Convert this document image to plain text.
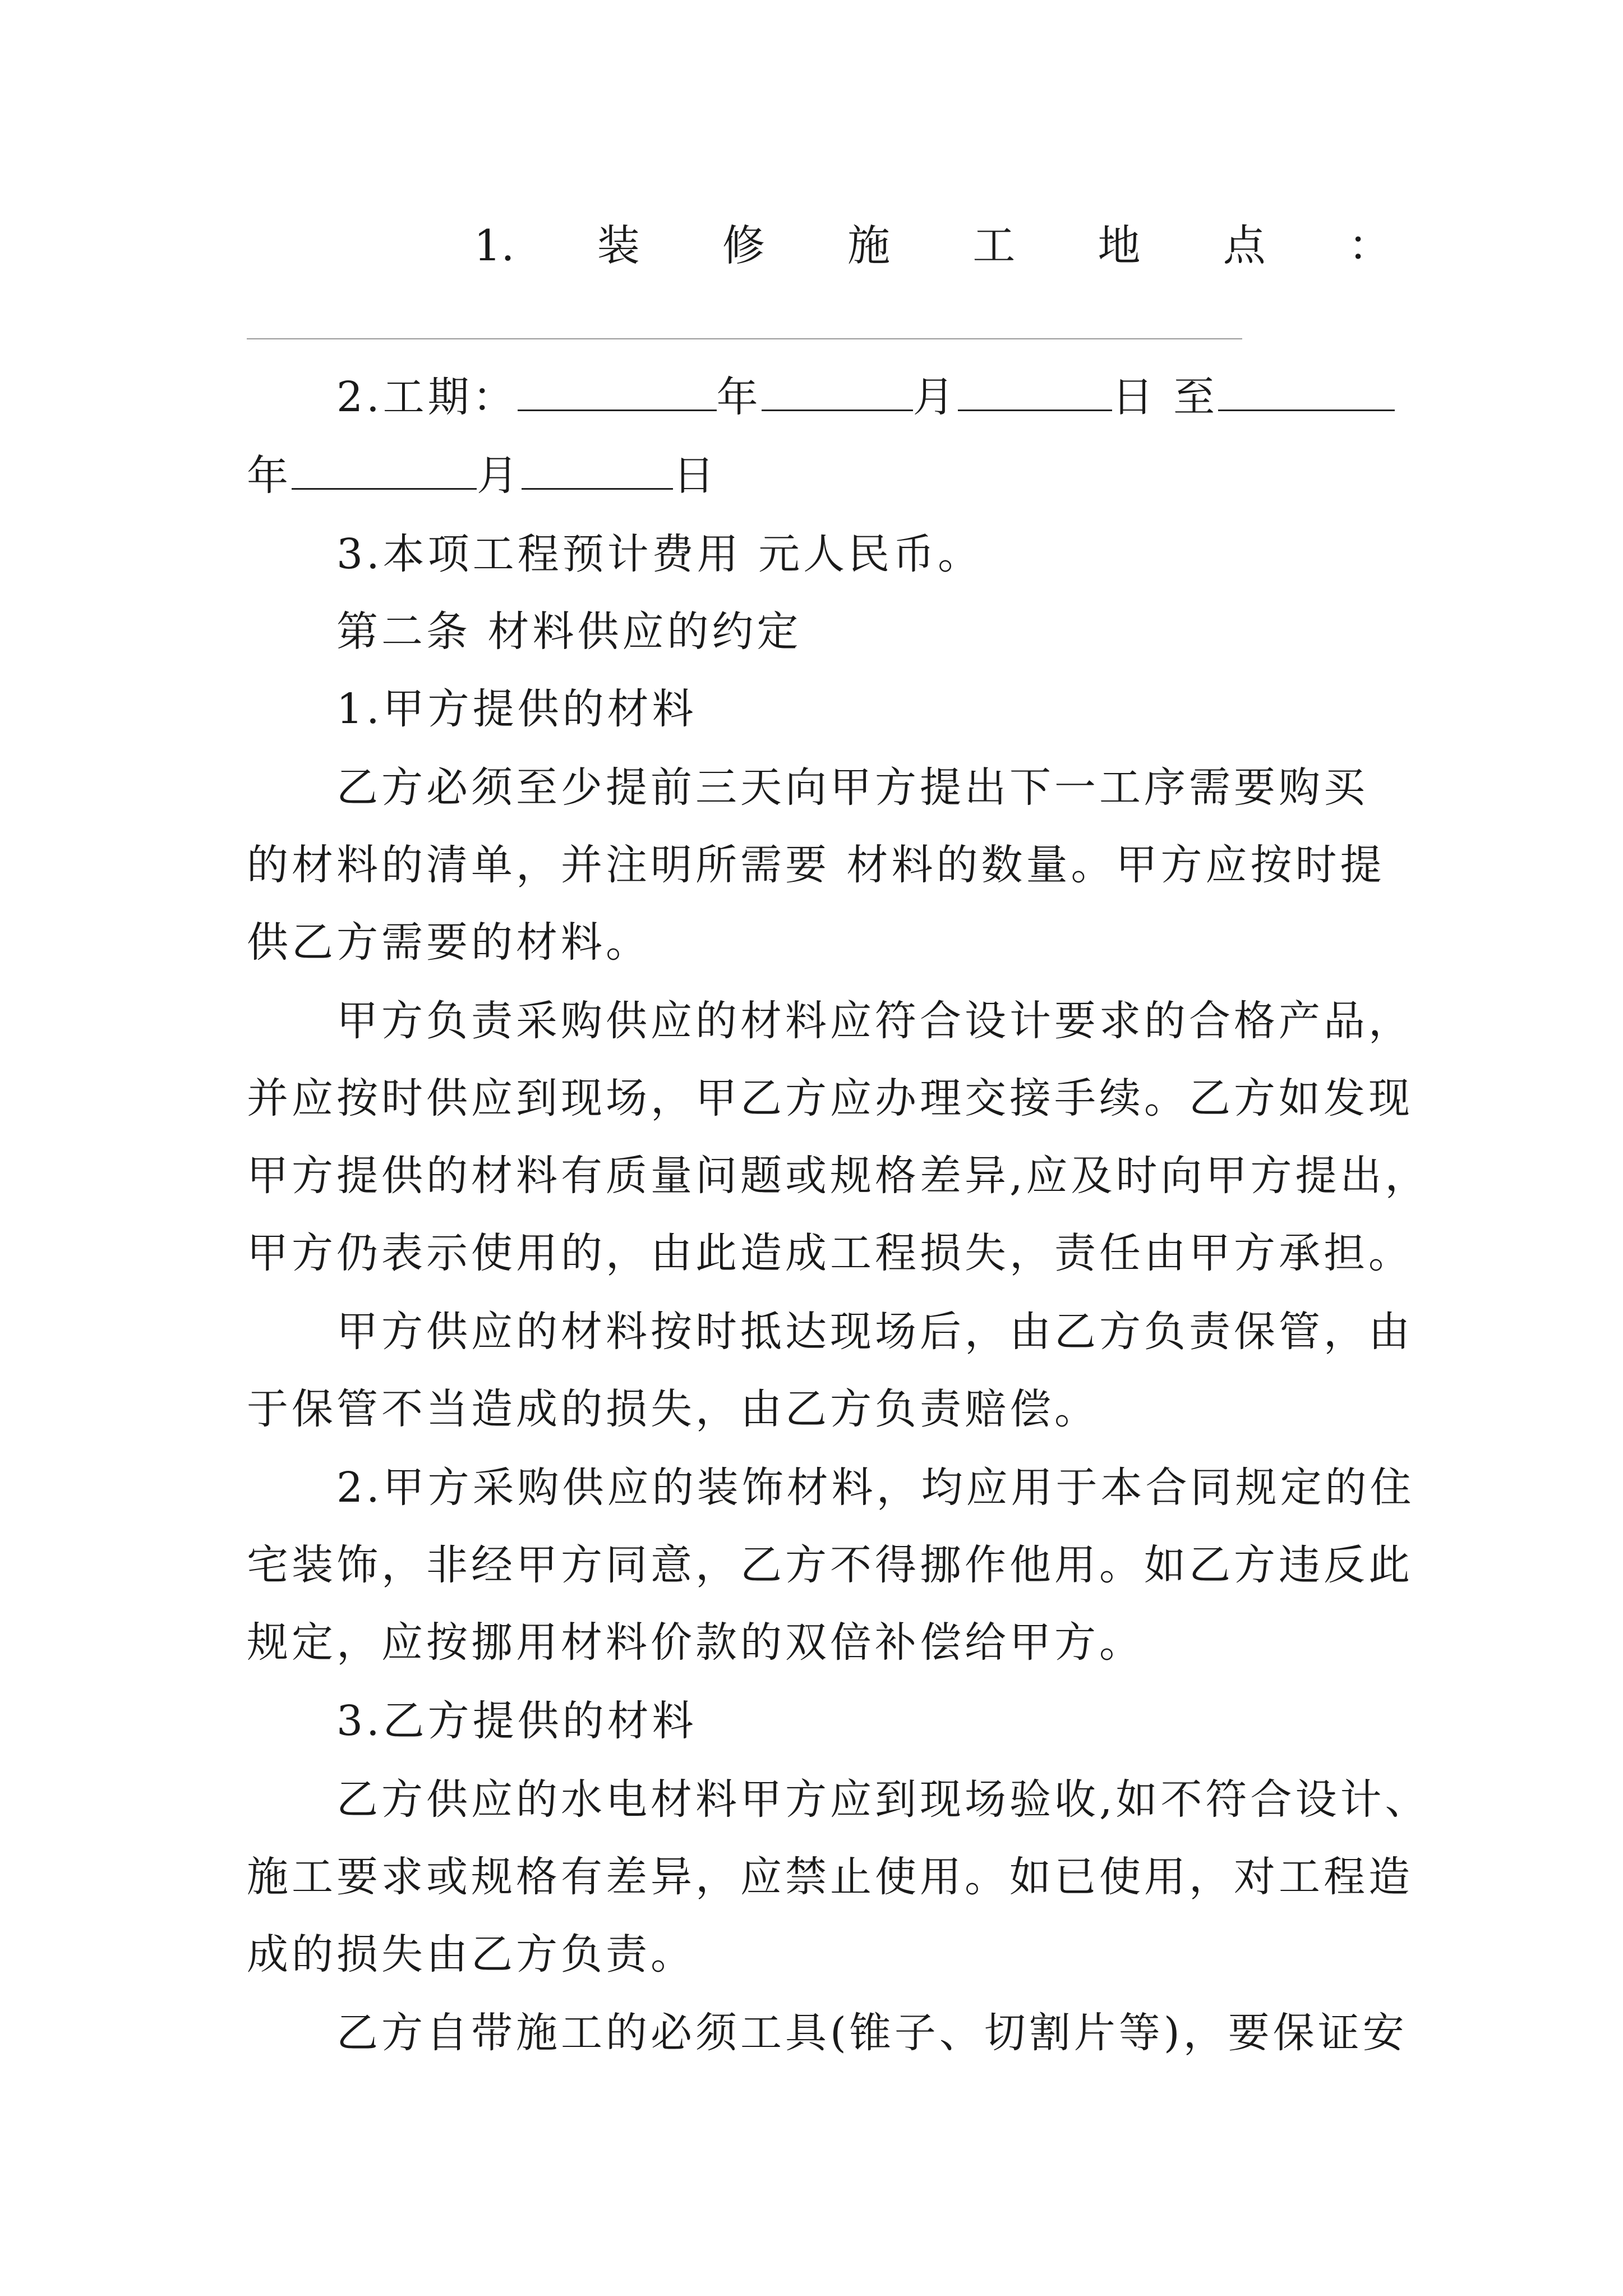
1. 装 修 施 工 地 点 ：
2.工期：	年	月	日 至
年	月	日
3.本项工程预计费用 元人民币。
第二条 材料供应的约定
1.甲方提供的材料
乙方必须至少提前三天向甲方提出下一工序需要购买
的材料的清单，并注明所需要 材料的数量。甲方应按时提
供乙方需要的材料。
甲方负责采购供应的材料应符合设计要求的合格产品，
并应按时供应到现场，甲乙方应办理交接手续。乙方如发现
甲方提供的材料有质量问题或规格差异,应及时向甲方提出，
甲方仍表示使用的，由此造成工程损失，责任由甲方承担。
甲方供应的材料按时抵达现场后，由乙方负责保管，由
于保管不当造成的损失，由乙方负责赔偿。
2.甲方采购供应的装饰材料，均应用于本合同规定的住
宅装饰，非经甲方同意，乙方不得挪作他用。如乙方违反此
规定，应按挪用材料价款的双倍补偿给甲方。
3.乙方提供的材料
乙方供应的水电材料甲方应到现场验收,如不符合设计、
施工要求或规格有差异，应禁止使用。如已使用，对工程造
成的损失由乙方负责。
乙方自带施工的必须工具(锥子、切割片等)，要保证安
